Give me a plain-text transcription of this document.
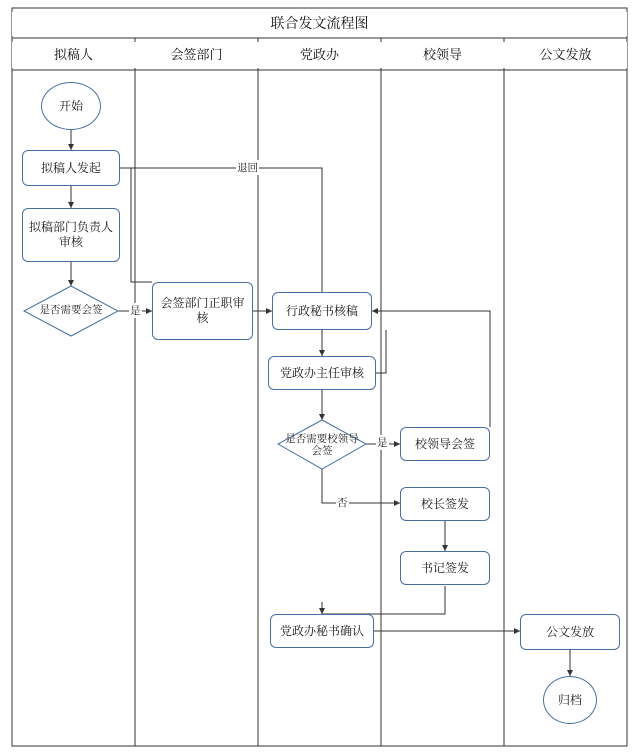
联合发文流程图
拟稿人	会签部门	党政办	校领导	公文发放
开始
拟稿人发起
拟稿部门负责人审核
是否需要会签
会签部门正职审核
行政秘书核稿
党政办主任审核
是否需要校领导会签
党政办秘书确认
校领导会签
校长签发
书记签发
公文发放
归档
退回
是
是
否
